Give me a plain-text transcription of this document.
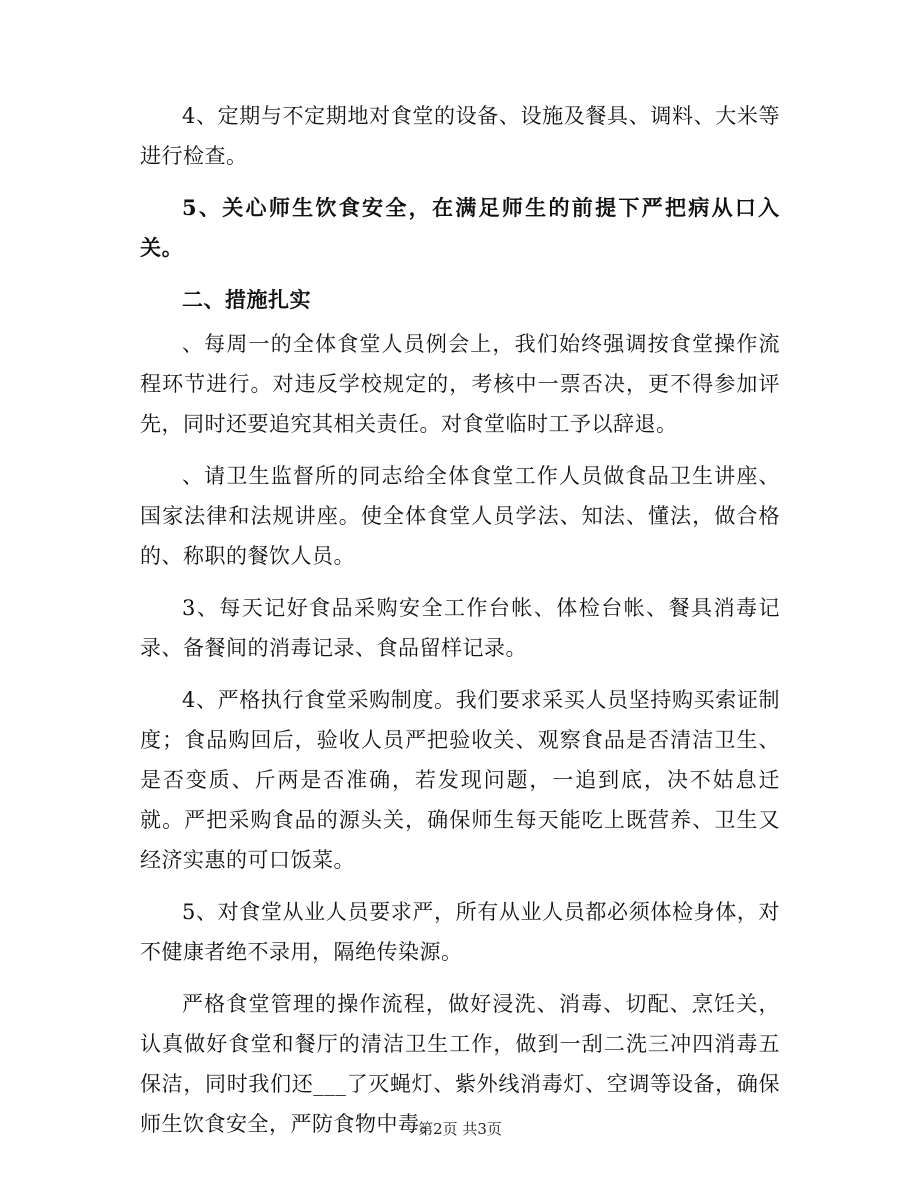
4、定期与不定期地对食堂的设备、设施及餐具、调料、大米等进行检查。

5、关心师生饮食安全，在满足师生的前提下严把病从口入关。

二、措施扎实

、每周一的全体食堂人员例会上，我们始终强调按食堂操作流程环节进行。对违反学校规定的，考核中一票否决，更不得参加评先，同时还要追究其相关责任。对食堂临时工予以辞退。

、请卫生监督所的同志给全体食堂工作人员做食品卫生讲座、国家法律和法规讲座。使全体食堂人员学法、知法、懂法，做合格的、称职的餐饮人员。

3、每天记好食品采购安全工作台帐、体检台帐、餐具消毒记录、备餐间的消毒记录、食品留样记录。

4、严格执行食堂采购制度。我们要求采买人员坚持购买索证制度；食品购回后，验收人员严把验收关、观察食品是否清洁卫生、是否变质、斤两是否准确，若发现问题，一追到底，决不姑息迁就。严把采购食品的源头关，确保师生每天能吃上既营养、卫生又经济实惠的可口饭菜。

5、对食堂从业人员要求严，所有从业人员都必须体检身体，对不健康者绝不录用，隔绝传染源。

严格食堂管理的操作流程，做好浸洗、消毒、切配、烹饪关，认真做好食堂和餐厅的清洁卫生工作，做到一刮二洗三冲四消毒五保洁，同时我们还___了灭蝇灯、紫外线消毒灯、空调等设备，确保师生饮食安全，严防食物中毒。

第2页 共3页
